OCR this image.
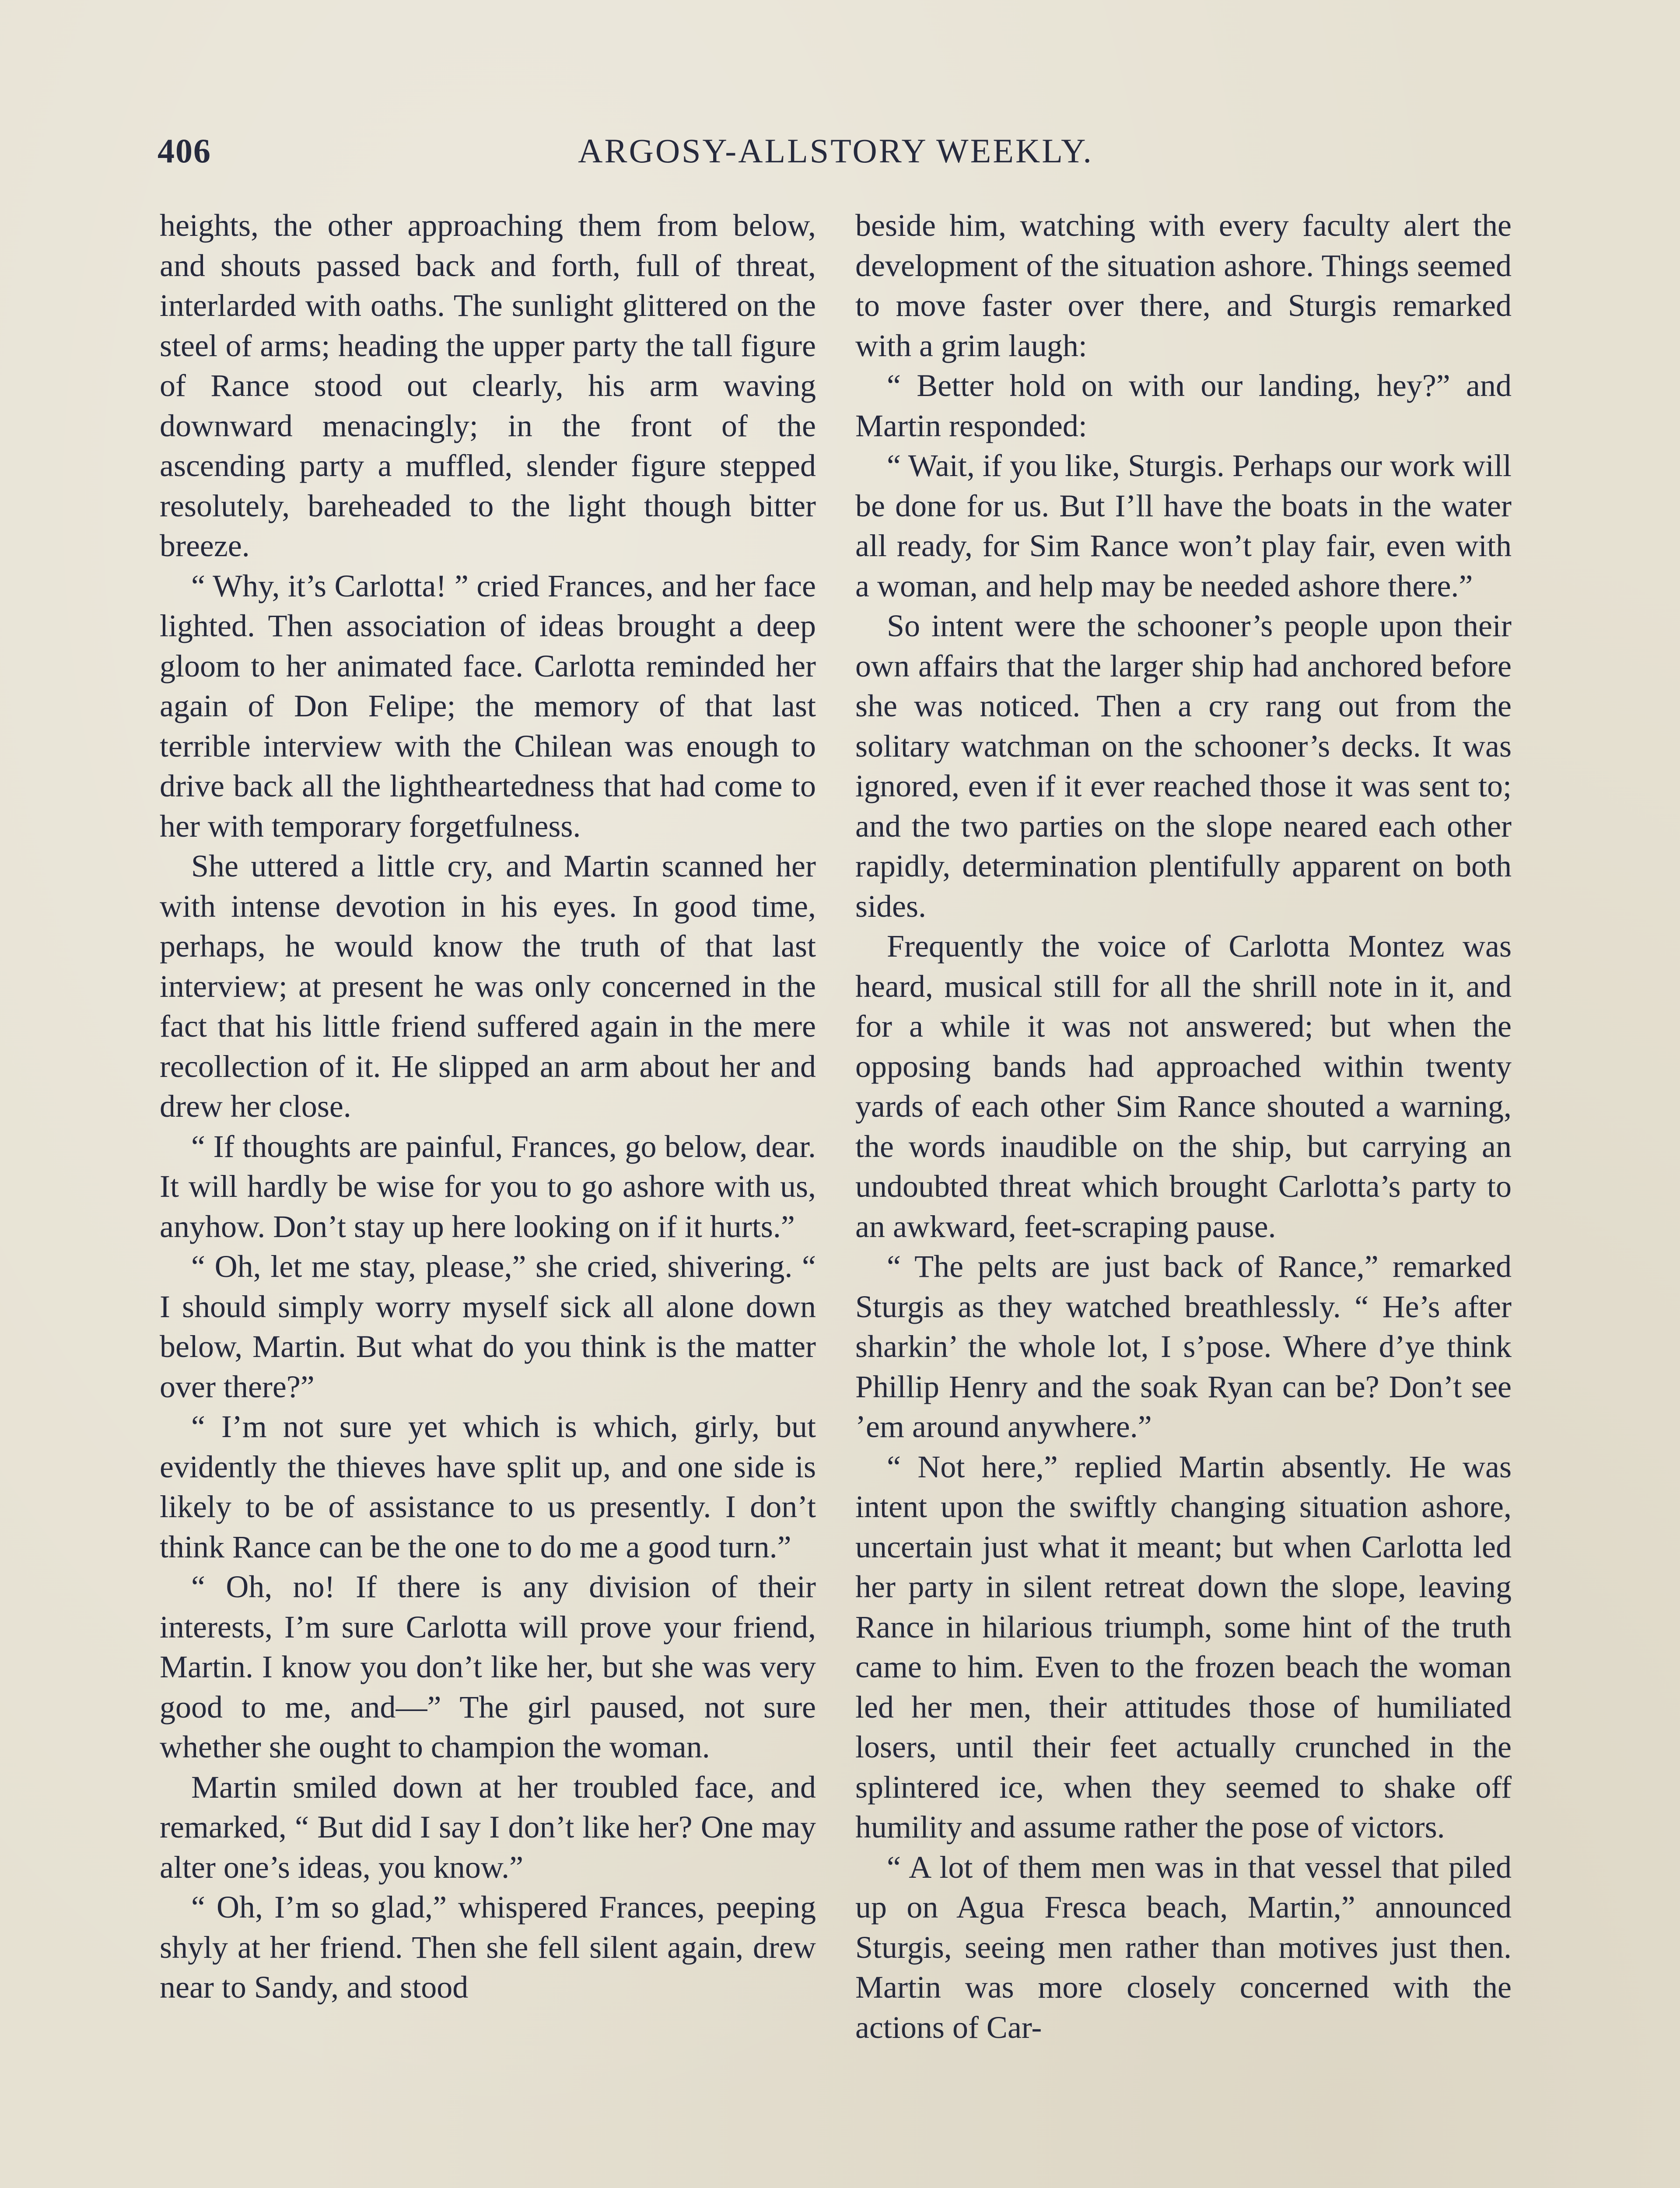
406	ARGOSY-ALLSTORY WEEKLY.

heights, the other approaching them from below, and shouts passed back and forth, full of threat, interlarded with oaths. The sunlight glittered on the steel of arms; heading the upper party the tall figure of Rance stood out clearly, his arm waving downward menacingly; in the front of the ascending party a muffled, slender figure stepped resolutely, bareheaded to the light though bitter breeze.

“ Why, it’s Carlotta! ” cried Frances, and her face lighted. Then association of ideas brought a deep gloom to her animated face. Carlotta reminded her again of Don Felipe; the memory of that last terrible interview with the Chilean was enough to drive back all the lightheartedness that had come to her with temporary forgetfulness.

She uttered a little cry, and Martin scanned her with intense devotion in his eyes. In good time, perhaps, he would know the truth of that last interview; at present he was only concerned in the fact that his little friend suffered again in the mere recollection of it. He slipped an arm about her and drew her close.

“ If thoughts are painful, Frances, go below, dear. It will hardly be wise for you to go ashore with us, anyhow. Don’t stay up here looking on if it hurts.”

“ Oh, let me stay, please,” she cried, shivering. “ I should simply worry myself sick all alone down below, Martin. But what do you think is the matter over there?”

“ I’m not sure yet which is which, girly, but evidently the thieves have split up, and one side is likely to be of assistance to us presently. I don’t think Rance can be the one to do me a good turn.”

“ Oh, no! If there is any division of their interests, I’m sure Carlotta will prove your friend, Martin. I know you don’t like her, but she was very good to me, and—” The girl paused, not sure whether she ought to champion the woman.

Martin smiled down at her troubled face, and remarked, “ But did I say I don’t like her? One may alter one’s ideas, you know.”

“ Oh, I’m so glad,” whispered Frances, peeping shyly at her friend. Then she fell silent again, drew near to Sandy, and stood

beside him, watching with every faculty alert the development of the situation ashore. Things seemed to move faster over there, and Sturgis remarked with a grim laugh:

“ Better hold on with our landing, hey?” and Martin responded:

“ Wait, if you like, Sturgis. Perhaps our work will be done for us. But I’ll have the boats in the water all ready, for Sim Rance won’t play fair, even with a woman, and help may be needed ashore there.”

So intent were the schooner’s people upon their own affairs that the larger ship had anchored before she was noticed. Then a cry rang out from the solitary watchman on the schooner’s decks. It was ignored, even if it ever reached those it was sent to; and the two parties on the slope neared each other rapidly, determination plentifully apparent on both sides.

Frequently the voice of Carlotta Montez was heard, musical still for all the shrill note in it, and for a while it was not answered; but when the opposing bands had approached within twenty yards of each other Sim Rance shouted a warning, the words inaudible on the ship, but carrying an undoubted threat which brought Carlotta’s party to an awkward, feet-scraping pause.

“ The pelts are just back of Rance,” remarked Sturgis as they watched breathlessly. “ He’s after sharkin’ the whole lot, I s’pose. Where d’ye think Phillip Henry and the soak Ryan can be? Don’t see ’em around anywhere.”

“ Not here,” replied Martin absently. He was intent upon the swiftly changing situation ashore, uncertain just what it meant; but when Carlotta led her party in silent retreat down the slope, leaving Rance in hilarious triumph, some hint of the truth came to him. Even to the frozen beach the woman led her men, their attitudes those of humiliated losers, until their feet actually crunched in the splintered ice, when they seemed to shake off humility and assume rather the pose of victors.

“ A lot of them men was in that vessel that piled up on Agua Fresca beach, Martin,” announced Sturgis, seeing men rather than motives just then. Martin was more closely concerned with the actions of Car-
